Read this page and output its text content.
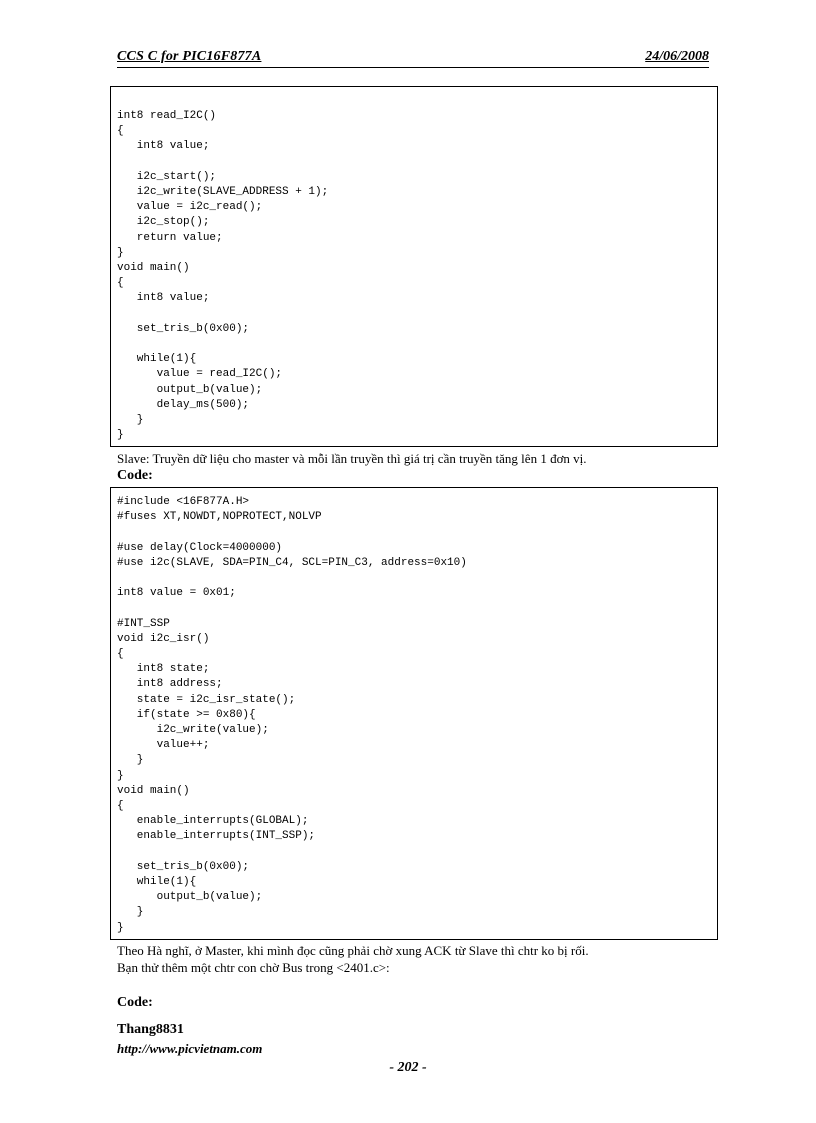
CCS C for PIC16F877A	24/06/2008
int8 read_I2C()
{
int8 value;

i2c_start();
i2c_write(SLAVE_ADDRESS + 1);
value = i2c_read();
i2c_stop();
return value;
}
void main()
{
int8 value;

set_tris_b(0x00);

while(1){
value = read_I2C();
output_b(value);
delay_ms(500);
}
}
Slave: Truyền dữ liệu cho master và mỗi lần truyền thì giá trị cần truyền tăng lên 1 đơn vị.
Code:
#include <16F877A.H>
#fuses XT,NOWDT,NOPROTECT,NOLVP

#use delay(Clock=4000000)
#use i2c(SLAVE, SDA=PIN_C4, SCL=PIN_C3, address=0x10)

int8 value = 0x01;

#INT_SSP
void i2c_isr()
{
int8 state;
int8 address;
state = i2c_isr_state();
if(state >= 0x80){
i2c_write(value);
value++;
}
}
void main()
{
enable_interrupts(GLOBAL);
enable_interrupts(INT_SSP);

set_tris_b(0x00);
while(1){
output_b(value);
}
}
Theo Hà nghĩ, ở Master, khi mình đọc cũng phải chờ xung ACK từ Slave thì chtr ko bị rối.
Bạn thử thêm một chtr con chờ Bus trong <2401.c>:
Code:
Thang8831
http://www.picvietnam.com
- 202 -
